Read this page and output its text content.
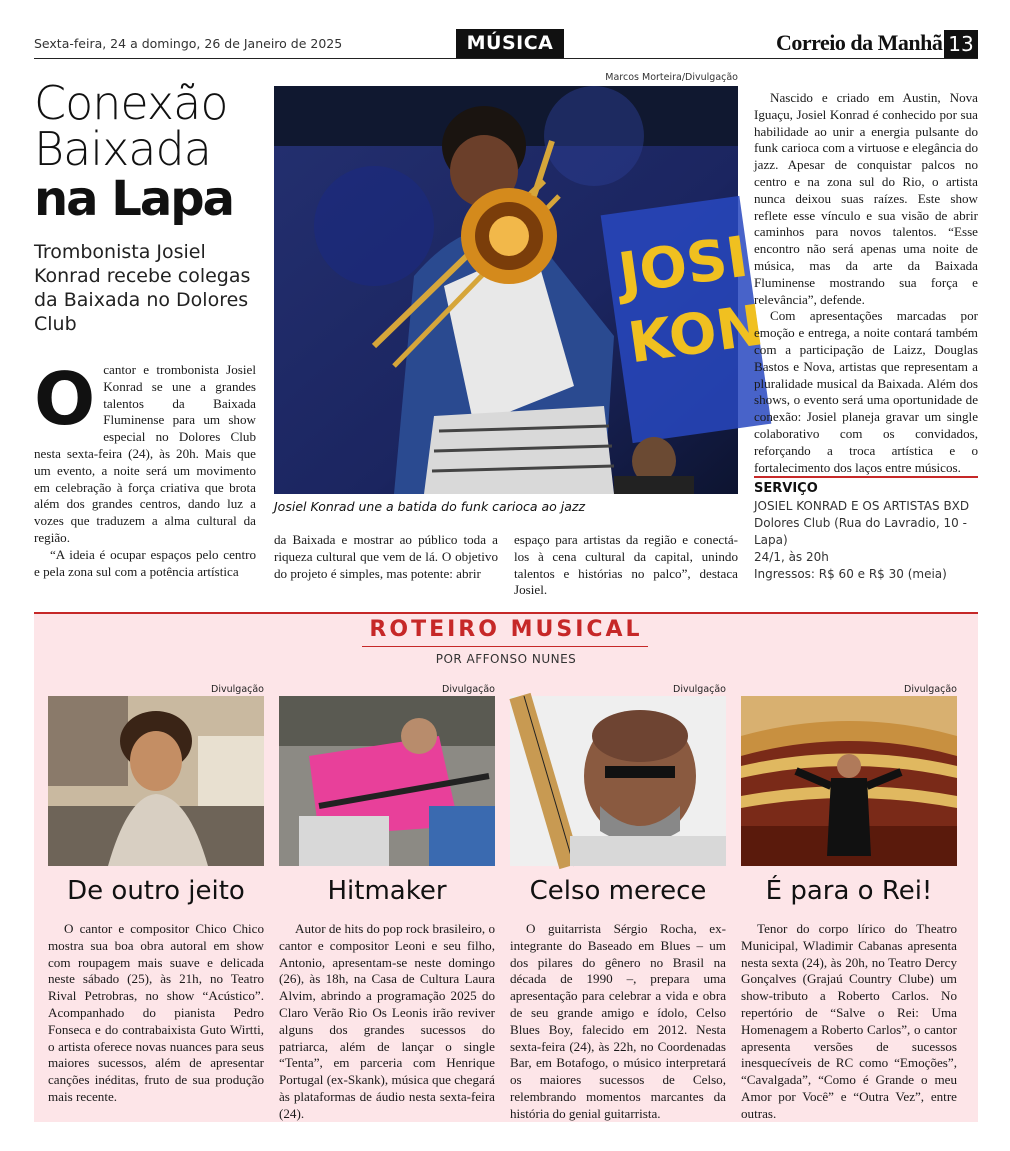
Sexta-feira, 24 a domingo, 26 de Janeiro de 2025	MÚSICA	Correio da Manhã 13
Conexão
Baixada
na Lapa
Trombonista Josiel Konrad recebe colegas da Baixada no Dolores Club
O cantor e trombonista Josiel Konrad se une a grandes talentos da Baixada Fluminense para um show especial no Dolores Club nesta sexta-feira (24), às 20h. Mais que um evento, a noite será um movimento em celebração à força criativa que brota além dos grandes centros, dando luz a vozes que traduzem a alma cultural da região.

“A ideia é ocupar espaços pelo centro e pela zona sul com a potência artística

Marcos Morteira/Divulgação
JOSI
KON
Josiel Konrad une a batida do funk carioca ao jazz

da Baixada e mostrar ao público toda a riqueza cultural que vem de lá. O objetivo do projeto é simples, mas potente: abrir

espaço para artistas da região e conectá-los à cena cultural da capital, unindo talentos e histórias no palco”, destaca Josiel.

Nascido e criado em Austin, Nova Iguaçu, Josiel Konrad é conhecido por sua habilidade ao unir a energia pulsante do funk carioca com a virtuose e elegância do jazz. Apesar de conquistar palcos no centro e na zona sul do Rio, o artista nunca deixou suas raízes. Este show reflete esse vínculo e sua visão de abrir caminhos para novos talentos. “Esse encontro não será apenas uma noite de música, mas da arte da Baixada Fluminense mostrando sua força e relevância”, defende.

Com apresentações marcadas por emoção e entrega, a noite contará também com a participação de Laizz, Douglas Bastos e Nova, artistas que representam a pluralidade musical da Baixada. Além dos shows, o evento será uma oportunidade de conexão: Josiel planeja gravar um single colaborativo com os convidados, reforçando a troca artística e o fortalecimento dos laços entre músicos.

SERVIÇO
JOSIEL KONRAD E OS ARTISTAS BXD
Dolores Club (Rua do Lavradio, 10 - Lapa)
24/1, às 20h
Ingressos: R$ 60 e R$ 30 (meia)
ROTEIRO MUSICAL
POR AFFONSO NUNES
Divulgação
De outro jeito

O cantor e compositor Chico Chico mostra sua boa obra autoral em show com roupagem mais suave e delicada neste sábado (25), às 21h, no Teatro Rival Petrobras, no show “Acústico”. Acompanhado do pianista Pedro Fonseca e do contrabaixista Guto Wirtti, o artista oferece novas nuances para seus maiores sucessos, além de apresentar canções inéditas, fruto de sua produção mais recente.

Divulgação
Hitmaker

Autor de hits do pop rock brasileiro, o cantor e compositor Leoni e seu filho, Antonio, apresentam-se neste domingo (26), às 18h, na Casa de Cultura Laura Alvim, abrindo a programação 2025 do Claro Verão Rio Os Leonis irão reviver alguns dos grandes sucessos do patriarca, além de lançar o single “Tenta”, em parceria com Henrique Portugal (ex-Skank), música que chegará às plataformas de áudio nesta sexta-feira (24).

Divulgação
Celso merece

O guitarrista Sérgio Rocha, ex-integrante do Baseado em Blues – um dos pilares do gênero no Brasil na década de 1990 –, prepara uma apresentação para celebrar a vida e obra de seu grande amigo e ídolo, Celso Blues Boy, falecido em 2012. Nesta sexta-feira (24), às 22h, no Coordenadas Bar, em Botafogo, o músico interpretará os maiores sucessos de Celso, relembrando momentos marcantes da história do genial guitarrista.

Divulgação
É para o Rei!

Tenor do corpo lírico do Theatro Municipal, Wladimir Cabanas apresenta nesta sexta (24), às 20h, no Teatro Dercy Gonçalves (Grajaú Country Clube) um show-tributo a Roberto Carlos. No repertório de “Salve o Rei: Uma Homenagem a Roberto Carlos”, o cantor apresenta versões de sucessos inesquecíveis de RC como “Emoções”, “Cavalgada”, “Como é Grande o meu Amor por Você” e “Outra Vez”, entre outras.
